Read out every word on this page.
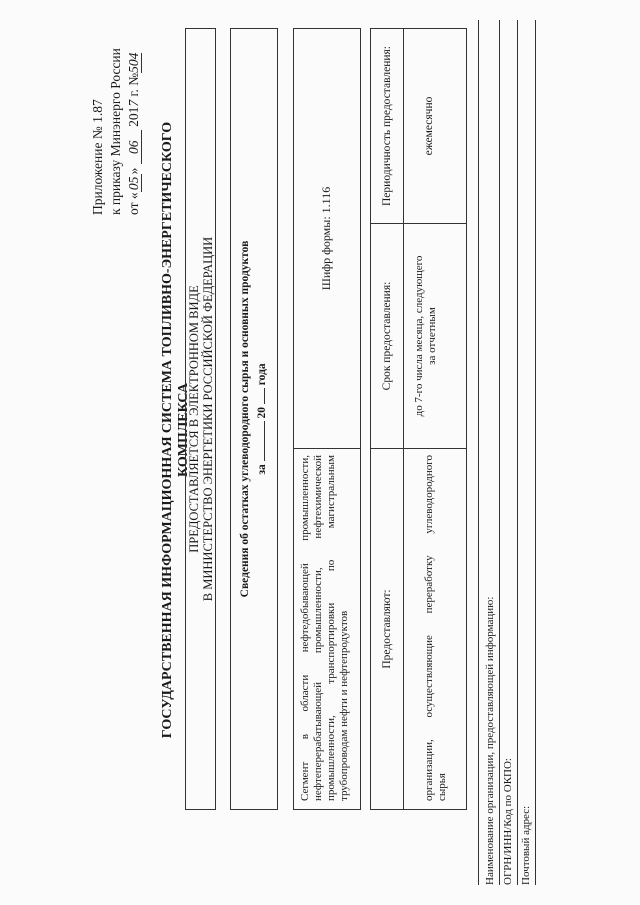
Приложение № 1.87 к приказу Минэнерго России от «05» 06 2017 г. №504
ГОСУДАРСТВЕННАЯ ИНФОРМАЦИОННАЯ СИСТЕМА ТОПЛИВНО-ЭНЕРГЕТИЧЕСКОГО КОМПЛЕКСА
ПРЕДОСТАВЛЯЕТСЯ В ЭЛЕКТРОННОМ ВИДЕ В МИНИСТЕРСТВО ЭНЕРГЕТИКИ РОССИЙСКОЙ ФЕДЕРАЦИИ Сведения об остатках углеводородного сырья и основных продуктов за  20  года
Сегмент в области нефтедобывающей промышленности, нефтеперерабатывающей промышленности, нефтехимической промышленности, транспортировки по магистральным трубопроводам нефти и нефтепродуктов
Шифр формы: 1.116
Предоставляют:
Срок предоставления:
Периодичность предоставления:
организации, осуществляющие переработку углеводородного сырья
до 7-го числа месяца, следующего за отчетным
ежемесячно
Наименование организации, предоставляющей информацию: ОГРН/ИНН/Код по ОКПО: Почтовый адрес:
